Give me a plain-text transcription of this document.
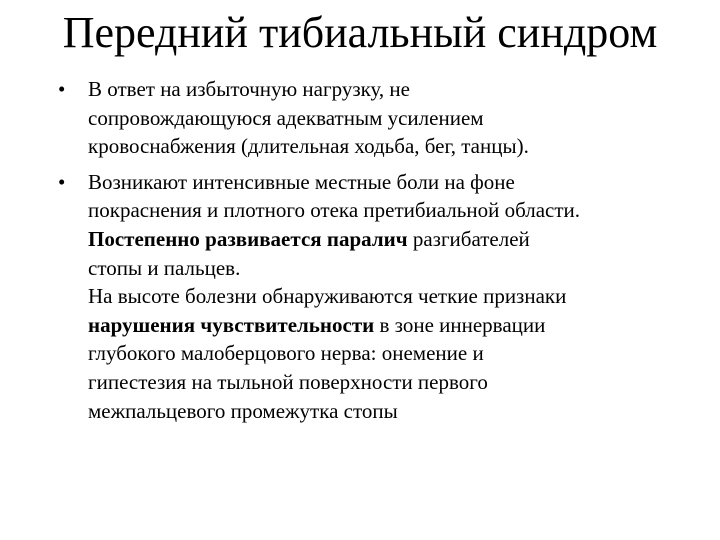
Передний тибиальный синдром
•	В ответ на избыточную нагрузку, не
сопровождающуюся адекватным усилением
кровоснабжения (длительная ходьба, бег, танцы).
•	Возникают интенсивные местные боли на фоне
покраснения и плотного отека претибиальной области.
Постепенно развивается паралич разгибателей
стопы и пальцев.
На высоте болезни обнаруживаются четкие признаки
нарушения чувствительности в зоне иннервации
глубокого малоберцового нерва: онемение и
гипестезия на тыльной поверхности первого
межпальцевого промежутка стопы
